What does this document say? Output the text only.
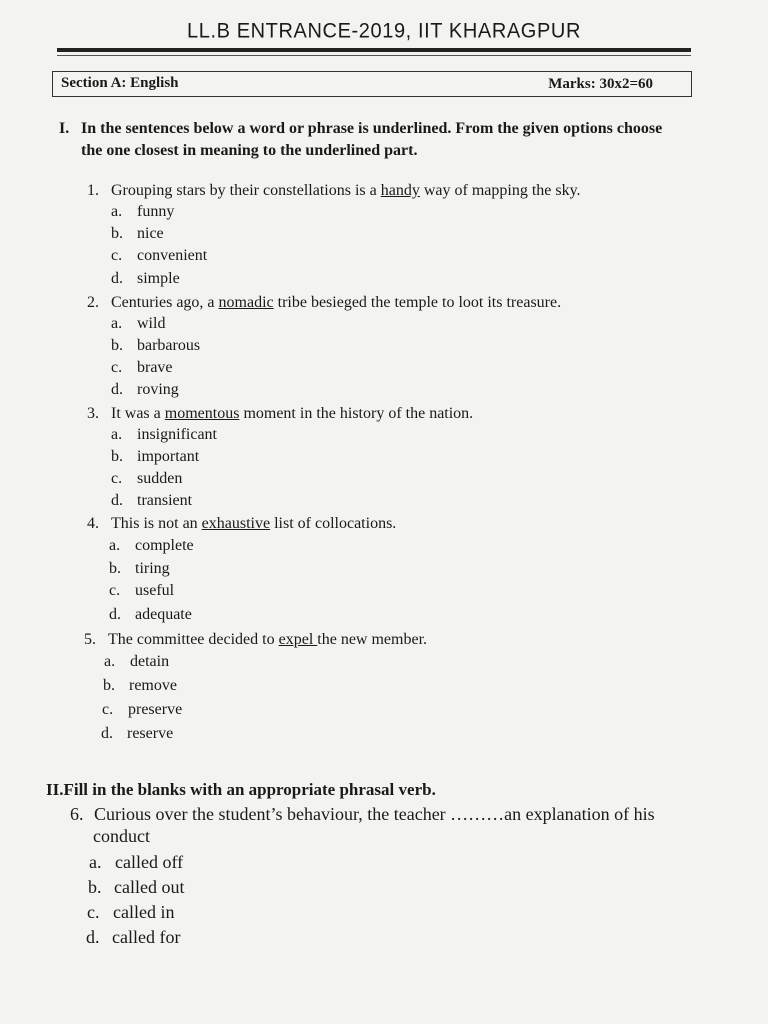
LL.B ENTRANCE-2019, IIT KHARAGPUR
Section A: English	Marks: 30x2=60
I. In the sentences below a word or phrase is underlined. From the given options choose the one closest in meaning to the underlined part.
1. Grouping stars by their constellations is a handy way of mapping the sky.
a. funny
b. nice
c. convenient
d. simple
2. Centuries ago, a nomadic tribe besieged the temple to loot its treasure.
a. wild
b. barbarous
c. brave
d. roving
3. It was a momentous moment in the history of the nation.
a. insignificant
b. important
c. sudden
d. transient
4. This is not an exhaustive list of collocations.
a. complete
b. tiring
c. useful
d. adequate
5. The committee decided to expel the new member.
a. detain
b. remove
c. preserve
d. reserve
II.Fill in the blanks with an appropriate phrasal verb.
6. Curious over the student’s behaviour, the teacher ………an explanation of his
conduct
a. called off
b. called out
c. called in
d. called for
